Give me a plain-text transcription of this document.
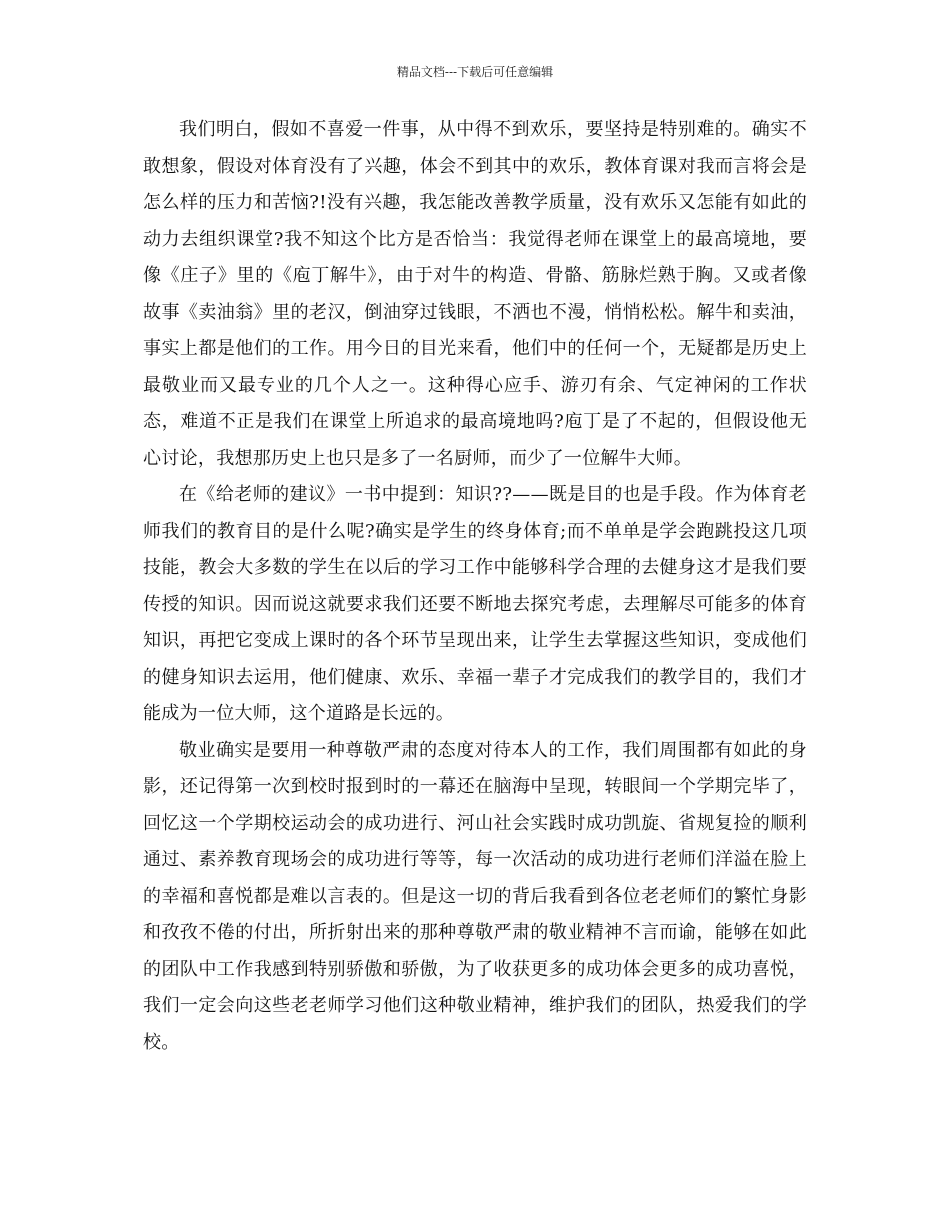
精品文档---下载后可任意编辑

我们明白，假如不喜爱一件事，从中得不到欢乐，要坚持是特别难的。确实不敢想象，假设对体育没有了兴趣，体会不到其中的欢乐，教体育课对我而言将会是怎么样的压力和苦恼?!没有兴趣，我怎能改善教学质量，没有欢乐又怎能有如此的动力去组织课堂?我不知这个比方是否恰当：我觉得老师在课堂上的最高境地，要像《庄子》里的《庖丁解牛》，由于对牛的构造、骨骼、筋脉烂熟于胸。又或者像故事《卖油翁》里的老汉，倒油穿过钱眼，不洒也不漫，悄悄松松。解牛和卖油，事实上都是他们的工作。用今日的目光来看，他们中的任何一个，无疑都是历史上最敬业而又最专业的几个人之一。这种得心应手、游刃有余、气定神闲的工作状态，难道不正是我们在课堂上所追求的最高境地吗?庖丁是了不起的，但假设他无心讨论，我想那历史上也只是多了一名厨师，而少了一位解牛大师。

在《给老师的建议》一书中提到：知识??——既是目的也是手段。作为体育老师我们的教育目的是什么呢?确实是学生的终身体育;而不单单是学会跑跳投这几项技能，教会大多数的学生在以后的学习工作中能够科学合理的去健身这才是我们要传授的知识。因而说这就要求我们还要不断地去探究考虑，去理解尽可能多的体育知识，再把它变成上课时的各个环节呈现出来，让学生去掌握这些知识，变成他们的健身知识去运用，他们健康、欢乐、幸福一辈子才完成我们的教学目的，我们才能成为一位大师，这个道路是长远的。

敬业确实是要用一种尊敬严肃的态度对待本人的工作，我们周围都有如此的身影，还记得第一次到校时报到时的一幕还在脑海中呈现，转眼间一个学期完毕了，回忆这一个学期校运动会的成功进行、河山社会实践时成功凯旋、省规复捡的顺利通过、素养教育现场会的成功进行等等，每一次活动的成功进行老师们洋溢在脸上的幸福和喜悦都是难以言表的。但是这一切的背后我看到各位老老师们的繁忙身影和孜孜不倦的付出，所折射出来的那种尊敬严肃的敬业精神不言而谕，能够在如此的团队中工作我感到特别骄傲和骄傲，为了收获更多的成功体会更多的成功喜悦，我们一定会向这些老老师学习他们这种敬业精神，维护我们的团队，热爱我们的学校。
